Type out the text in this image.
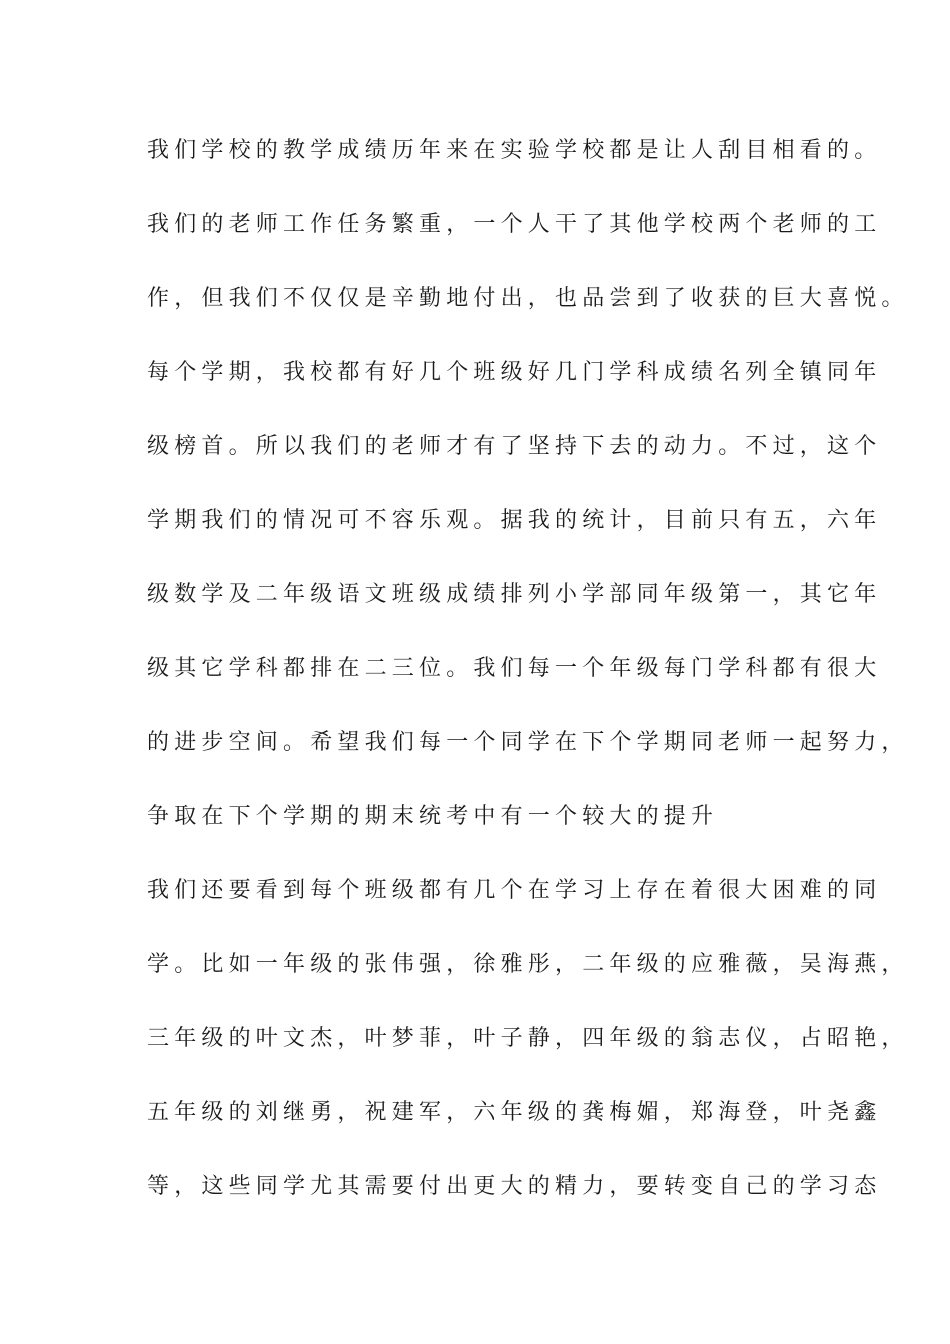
我们学校的教学成绩历年来在实验学校都是让人刮目相看的。
我们的老师工作任务繁重，一个人干了其他学校两个老师的工
作，但我们不仅仅是辛勤地付出，也品尝到了收获的巨大喜悦。
每个学期，我校都有好几个班级好几门学科成绩名列全镇同年
级榜首。所以我们的老师才有了坚持下去的动力。不过，这个
学期我们的情况可不容乐观。据我的统计，目前只有五，六年
级数学及二年级语文班级成绩排列小学部同年级第一，其它年
级其它学科都排在二三位。我们每一个年级每门学科都有很大
的进步空间。希望我们每一个同学在下个学期同老师一起努力，
争取在下个学期的期末统考中有一个较大的提升
我们还要看到每个班级都有几个在学习上存在着很大困难的同
学。比如一年级的张伟强，徐雅彤，二年级的应雅薇，吴海燕，
三年级的叶文杰，叶梦菲，叶子静，四年级的翁志仪，占昭艳，
五年级的刘继勇，祝建军，六年级的龚梅媚，郑海登，叶尧鑫
等，这些同学尤其需要付出更大的精力，要转变自己的学习态
